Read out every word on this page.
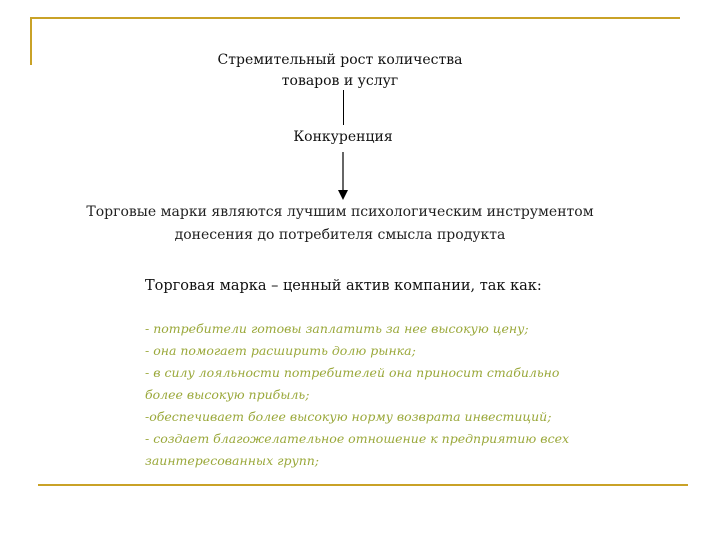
Стремительный рост количества
товаров и услуг
Конкуренция
Торговые марки являются лучшим психологическим инструментом
донесения до потребителя смысла продукта
Торговая марка – ценный актив компании, так как:
- потребители готовы заплатить за нее высокую цену;
- она помогает расширить долю рынка;
- в силу лояльности потребителей она приносит стабильно более высокую прибыль;
-обеспечивает более высокую норму возврата инвестиций;
- создает благожелательное отношение к предприятию всех заинтересованных групп;
